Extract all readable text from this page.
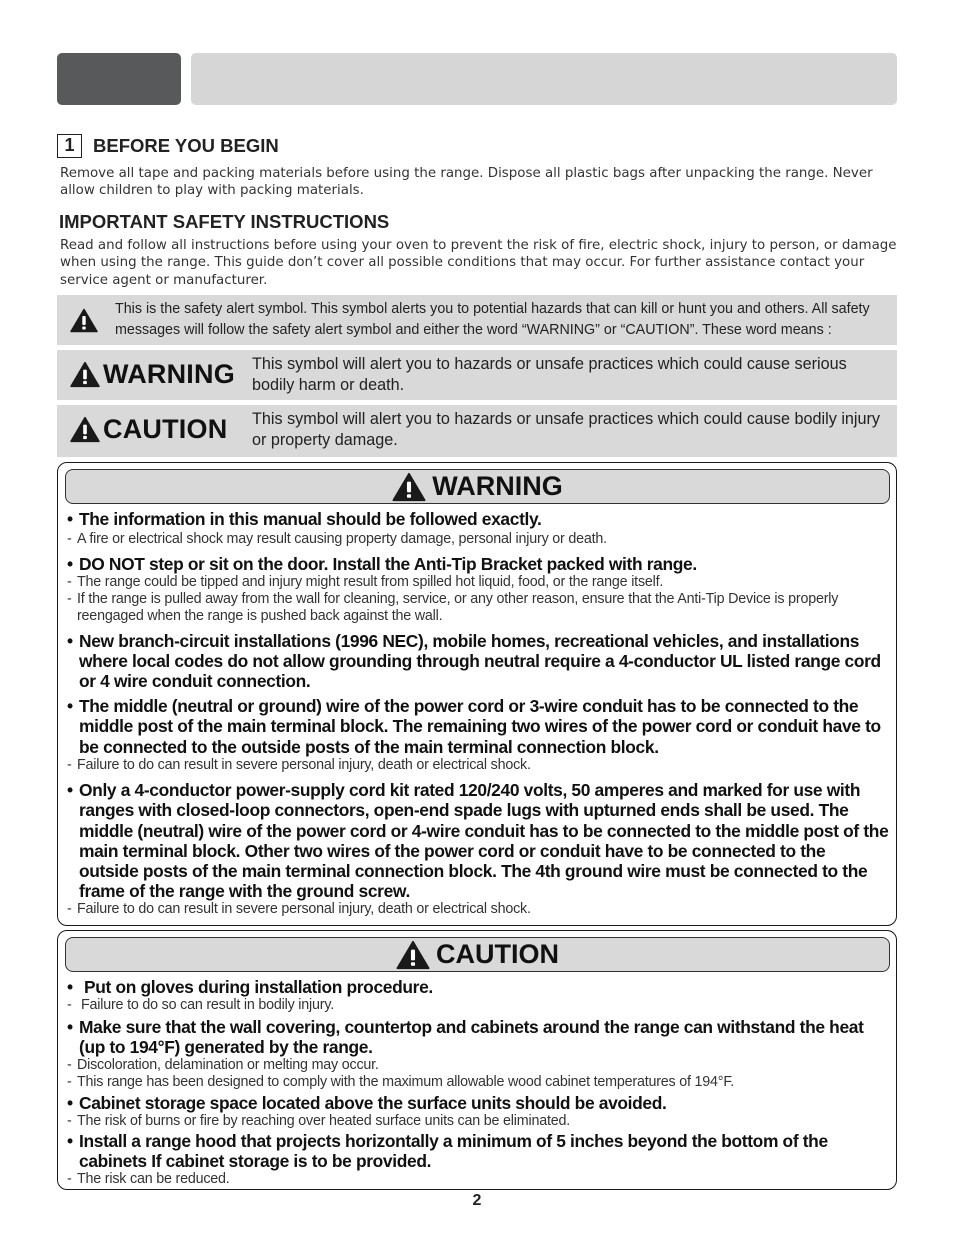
1	BEFORE YOU BEGIN
Remove all tape and packing materials before using the range. Dispose all plastic bags after unpacking the range. Never allow children to play with packing materials.
IMPORTANT SAFETY INSTRUCTIONS
Read and follow all instructions before using your oven to prevent the risk of fire, electric shock, injury to person, or damage when using the range. This guide don’t cover all possible conditions that may occur. For further assistance contact your service agent or manufacturer.
This is the safety alert symbol. This symbol alerts you to potential hazards that can kill or hunt you and others. All safety messages will follow the safety alert symbol and either the word “WARNING” or “CAUTION”. These word means :
WARNING This symbol will alert you to hazards or unsafe practices which could cause serious bodily harm or death.
CAUTION This symbol will alert you to hazards or unsafe practices which could cause bodily injury or property damage.
WARNING
• The information in this manual should be followed exactly.
- A fire or electrical shock may result causing property damage, personal injury or death.
• DO NOT step or sit on the door. Install the Anti-Tip Bracket packed with range.
- The range could be tipped and injury might result from spilled hot liquid, food, or the range itself.
- If the range is pulled away from the wall for cleaning, service, or any other reason, ensure that the Anti-Tip Device is properly reengaged when the range is pushed back against the wall.
• New branch-circuit installations (1996 NEC), mobile homes, recreational vehicles, and installations where local codes do not allow grounding through neutral require a 4-conductor UL listed range cord or 4 wire conduit connection.
• The middle (neutral or ground) wire of the power cord or 3-wire conduit has to be connected to the middle post of the main terminal block. The remaining two wires of the power cord or conduit have to be connected to the outside posts of the main terminal connection block.
- Failure to do can result in severe personal injury, death or electrical shock.
• Only a 4-conductor power-supply cord kit rated 120/240 volts, 50 amperes and marked for use with ranges with closed-loop connectors, open-end spade lugs with upturned ends shall be used. The middle (neutral) wire of the power cord or 4-wire conduit has to be connected to the middle post of the main terminal block. Other two wires of the power cord or conduit have to be connected to the outside posts of the main terminal connection block. The 4th ground wire must be connected to the frame of the range with the ground screw.
- Failure to do can result in severe personal injury, death or electrical shock.
CAUTION
• Put on gloves during installation procedure.
- Failure to do so can result in bodily injury.
• Make sure that the wall covering, countertop and cabinets around the range can withstand the heat (up to 194°F) generated by the range.
- Discoloration, delamination or melting may occur.
- This range has been designed to comply with the maximum allowable wood cabinet temperatures of 194°F.
• Cabinet storage space located above the surface units should be avoided.
- The risk of burns or fire by reaching over heated surface units can be eliminated.
• Install a range hood that projects horizontally a minimum of 5 inches beyond the bottom of the cabinets If cabinet storage is to be provided.
- The risk can be reduced.
2
